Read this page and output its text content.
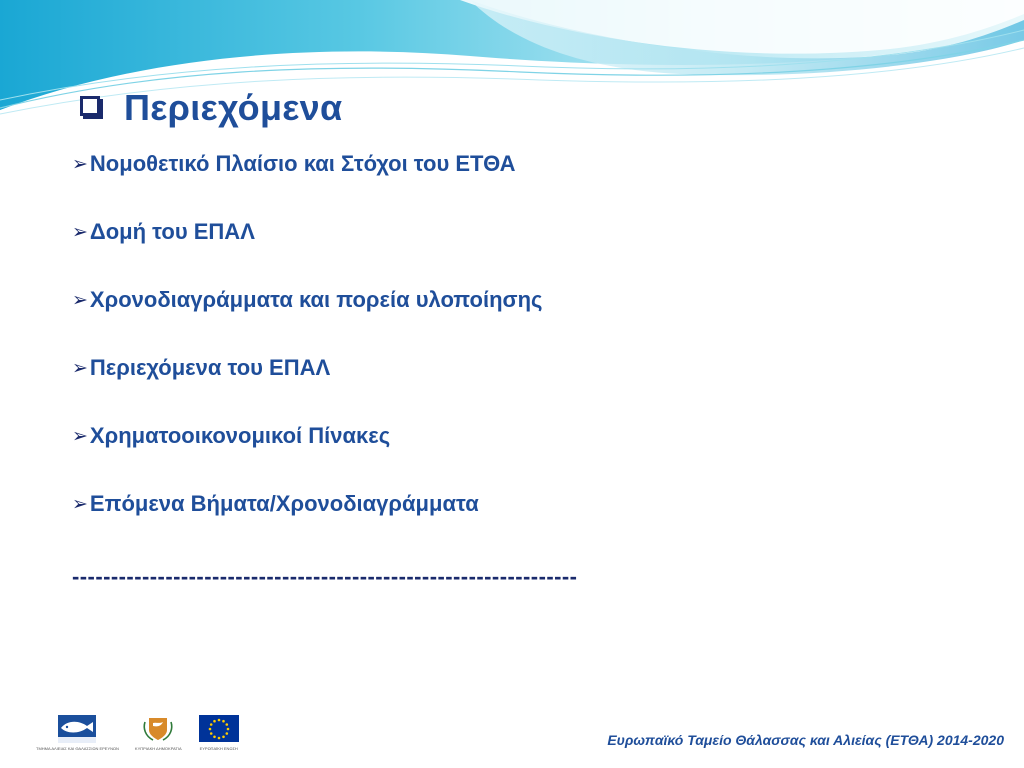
Περιεχόμενα
➢ Νομοθετικό Πλαίσιο και Στόχοι του ΕΤΘΑ
➢ Δομή του ΕΠΑΛ
➢ Χρονοδιαγράμματα και πορεία υλοποίησης
➢ Περιεχόμενα του ΕΠΑΛ
➢ Χρηματοοικονομικοί Πίνακες
➢ Επόμενα Βήματα/Χρονοδιαγράμματα
-----------------------------------------------------------------
ΤΜΗΜΑ ΑΛΙΕΙΑΣ ΚΑΙ ΘΑΛΑΣΣΙΩΝ ΕΡΕΥΝΩΝ	ΚΥΠΡΙΑΚΗ ΔΗΜΟΚΡΑΤΙΑ	ΕΥΡΩΠΑΪΚΗ ΕΝΩΣΗ
Ευρωπαϊκό Ταμείο Θάλασσας και Αλιείας (ΕΤΘΑ) 2014-2020
